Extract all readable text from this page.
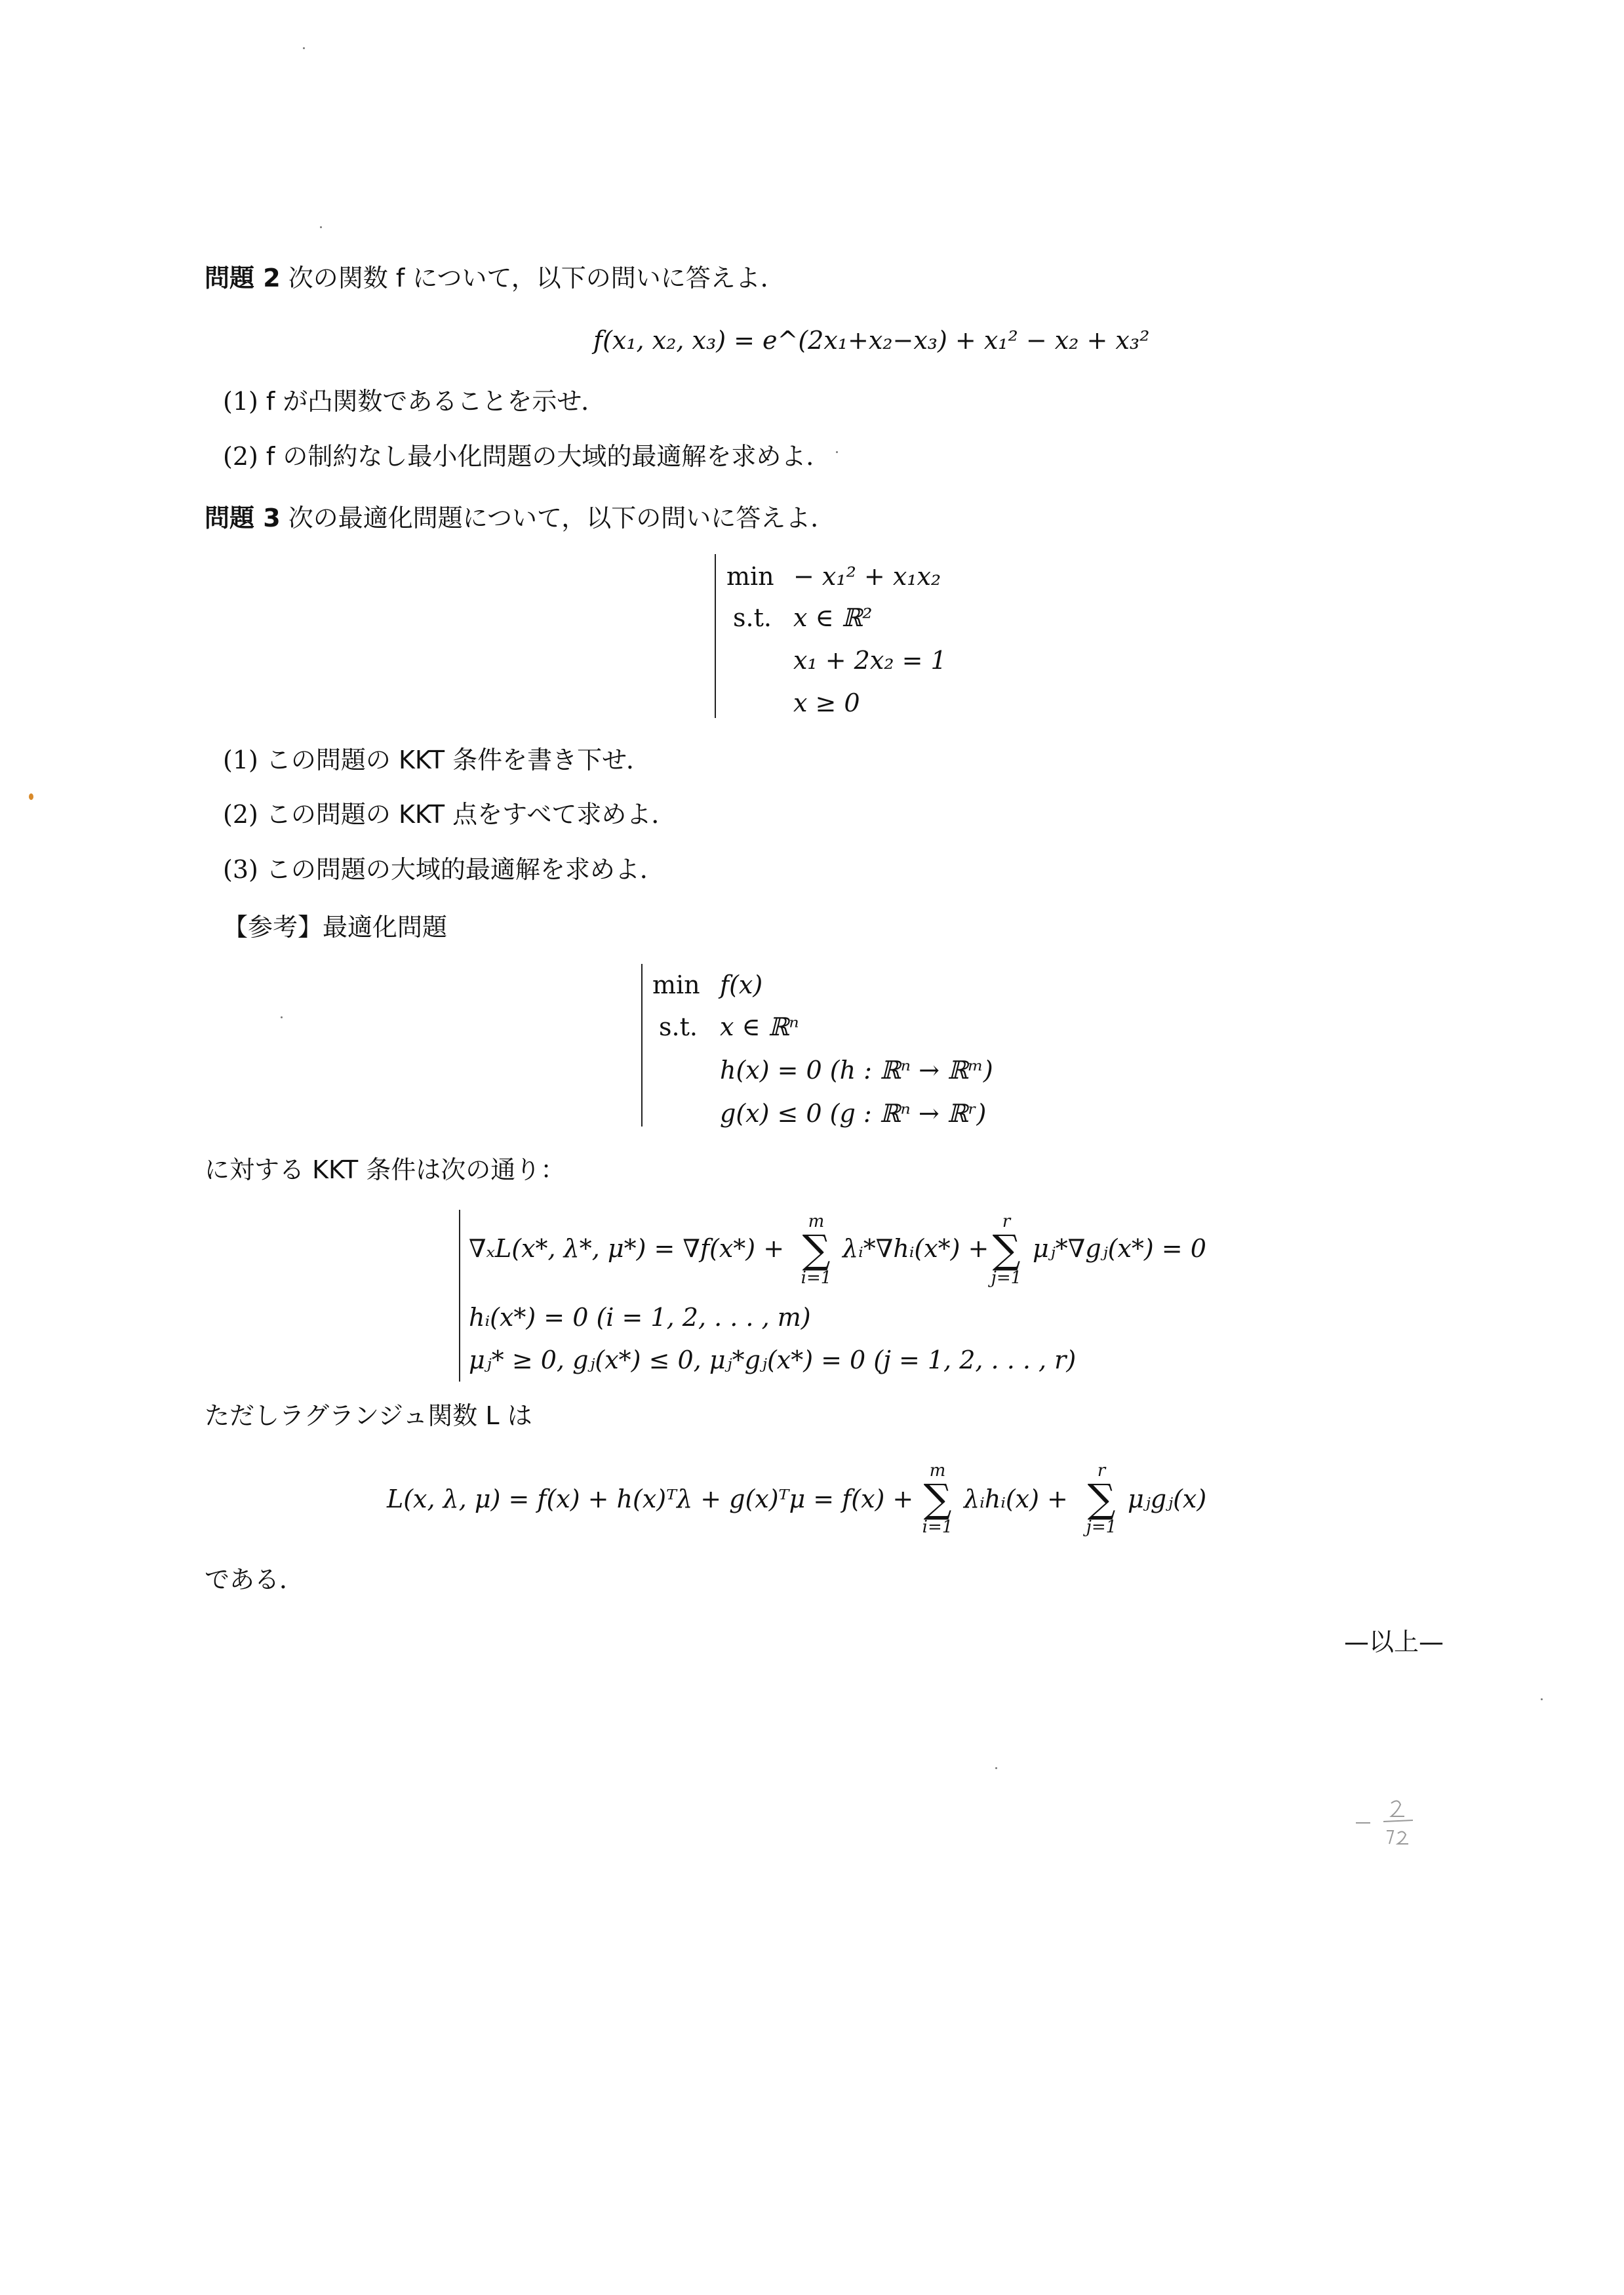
問題 2 次の関数 f について，以下の問いに答えよ．
f(x₁, x₂, x₃) = e^(2x₁+x₂−x₃) + x₁² − x₂ + x₃²
(1) f が凸関数であることを示せ．
(2) f の制約なし最小化問題の大域的最適解を求めよ．
問題 3 次の最適化問題について，以下の問いに答えよ．
min − x₁² + x₁x₂
s.t. x ∈ ℝ²
x₁ + 2x₂ = 1
x ≥ 0
(1) この問題の KKT 条件を書き下せ．
(2) この問題の KKT 点をすべて求めよ．
(3) この問題の大域的最適解を求めよ．
【参考】最適化問題
min f(x)
s.t. x ∈ ℝⁿ
h(x) = 0 (h : ℝⁿ → ℝᵐ)
g(x) ≤ 0 (g : ℝⁿ → ℝʳ)
に対する KKT 条件は次の通り：
∇ₓL(x*, λ*, μ*) = ∇f(x*) +
m
∑
i=1
λᵢ*∇hᵢ(x*) +
r
∑
j=1
μⱼ*∇gⱼ(x*) = 0
hᵢ(x*) = 0 (i = 1, 2, . . . , m)
μⱼ* ≥ 0, gⱼ(x*) ≤ 0, μⱼ*gⱼ(x*) = 0 (j = 1, 2, . . . , r)
ただしラグランジュ関数 L は
L(x, λ, μ) = f(x) + h(x)ᵀλ + g(x)ᵀμ = f(x) +
m
∑
i=1
λᵢhᵢ(x) +
r
∑
j=1
μⱼgⱼ(x)
である．
—以上—
